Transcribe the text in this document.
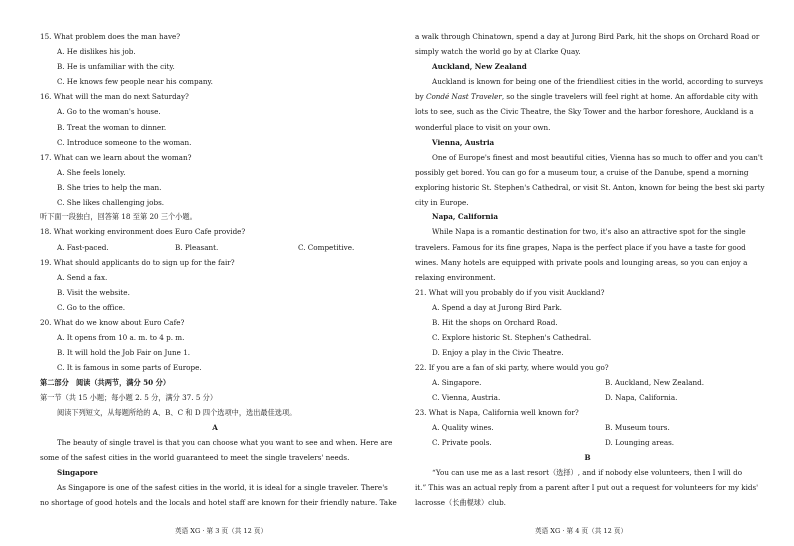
15. What problem does the man have?
A. He dislikes his job.
B. He is unfamiliar with the city.
C. He knows few people near his company.
16. What will the man do next Saturday?
A. Go to the woman's house.
B. Treat the woman to dinner.
C. Introduce someone to the woman.
17. What can we learn about the woman?
A. She feels lonely.
B. She tries to help the man.
C. She likes challenging jobs.
听下面一段独白，回答第 18 至第 20 三个小题。
18. What working environment does Euro Cafe provide?
A. Fast-paced.	B. Pleasant.	C. Competitive.
19. What should applicants do to sign up for the fair?
A. Send a fax.
B. Visit the website.
C. Go to the office.
20. What do we know about Euro Cafe?
A. It opens from 10 a. m. to 4 p. m.
B. It will hold the Job Fair on June 1.
C. It is famous in some parts of Europe.
第二部分　阅读（共两节，满分 50 分）
第一节（共 15 小题；每小题 2. 5 分，满分 37. 5 分）
阅读下列短文，从每题所给的 A、B、C 和 D 四个选项中，选出最佳选项。
A
The beauty of single travel is that you can choose what you want to see and when. Here are
some of the safest cities in the world guaranteed to meet the single travelers' needs.
Singapore
As Singapore is one of the safest cities in the world, it is ideal for a single traveler. There's
no shortage of good hotels and the locals and hotel staff are known for their friendly nature. Take
英语 XG · 第 3 页（共 12 页）
a walk through Chinatown, spend a day at Jurong Bird Park, hit the shops on Orchard Road or
simply watch the world go by at Clarke Quay.
Auckland, New Zealand
Auckland is known for being one of the friendliest cities in the world, according to surveys
by Condé Nast Traveler, so the single travelers will feel right at home. An affordable city with
lots to see, such as the Civic Theatre, the Sky Tower and the harbor foreshore, Auckland is a
wonderful place to visit on your own.
Vienna, Austria
One of Europe's finest and most beautiful cities, Vienna has so much to offer and you can't
possibly get bored. You can go for a museum tour, a cruise of the Danube, spend a morning
exploring historic St. Stephen's Cathedral, or visit St. Anton, known for being the best ski party
city in Europe.
Napa, California
While Napa is a romantic destination for two, it's also an attractive spot for the single
travelers. Famous for its fine grapes, Napa is the perfect place if you have a taste for good
wines. Many hotels are equipped with private pools and lounging areas, so you can enjoy a
relaxing environment.
21. What will you probably do if you visit Auckland?
A. Spend a day at Jurong Bird Park.
B. Hit the shops on Orchard Road.
C. Explore historic St. Stephen's Cathedral.
D. Enjoy a play in the Civic Theatre.
22. If you are a fan of ski party, where would you go?
A. Singapore.	B. Auckland, New Zealand.
C. Vienna, Austria.	D. Napa, California.
23. What is Napa, California well known for?
A. Quality wines.	B. Museum tours.
C. Private pools.	D. Lounging areas.
B
“You can use me as a last resort（选择）, and if nobody else volunteers, then I will do
it.” This was an actual reply from a parent after I put out a request for volunteers for my kids'
lacrosse（长曲棍球）club.
英语 XG · 第 4 页（共 12 页）
